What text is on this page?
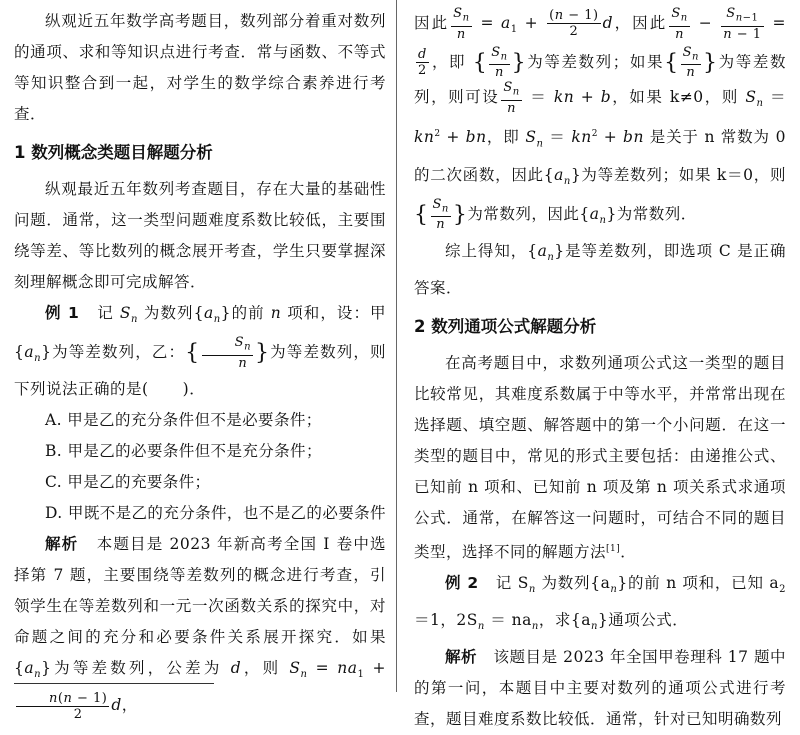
纵观近五年数学高考题目，数列部分着重对数列的通项、求和等知识点进行考查．常与函数、不等式等知识整合到一起，对学生的数学综合素养进行考查．

1 数列概念类题目解题分析

纵观最近五年数列考查题目，存在大量的基础性问题．通常，这一类型问题难度系数比较低，主要围绕等差、等比数列的概念展开考查，学生只要掌握深刻理解概念即可完成解答．

例 1 记 $S_n$ 为数列$\{a_n\}$的前 n 项和，设：甲$\{a_n\}$为等差数列，乙：{ $\frac{S_n}{n}$ }为等差数列，则下列说法正确的是( )．

A. 甲是乙的充分条件但不是必要条件；

B. 甲是乙的必要条件但不是充分条件；

C. 甲是乙的充要条件；

D. 甲既不是乙的充分条件，也不是乙的必要条件

解析 本题目是 2023 年新高考全国 Ⅰ 卷中选择第 7 题，主要围绕等差数列的概念进行考查，引领学生在等差数列和一元一次函数关系的探究中，对命题之间的充分和必要条件关系展开探究．如果$\{a_n\}$为等差数列，公差为 d，则 $S_n = na_1$ +
$\frac{n(n - 1)}{2}$ d，

因此 $\frac{S_n}{n} = a_1 + \frac{(n - 1)}{2}$ d，因此 $\frac{S_n}{n} - \frac{S_{n-1}}{n - 1}$ =
$\frac{d}{2}$ ，即 { $\frac{S_n}{n}$ }为等差数列；如果{ $\frac{S_n}{n}$ }为等差数列，则可设 $\frac{S_n}{n}$ ＝ kn + b，如果 k≠0，则 $S_n = kn^2$ + bn，即 $S_n = kn^2$ + bn 是关于 n 常数为 0 的二次函数，因此$\{a_n\}$为等差数列；如果 k＝0，则{ $\frac{S_n}{n}$ }为常数列，因此$\{a_n\}$为常数列．

综上得知，$\{a_n\}$是等差数列，即选项 C 是正确答案．

2 数列通项公式解题分析

在高考题目中，求数列通项公式这一类型的题目比较常见，其难度系数属于中等水平，并常常出现在选择题、填空题、解答题中的第一个小问题．在这一类型的题目中，常见的形式主要包括：由递推公式、已知前 n 项和、已知前 n 项及第 n 项关系式求通项公式．通常，在解答这一问题时，可结合不同的题目类型，选择不同的解题方法[1]．

例 2 记 $S_n$ 为数列$\{a_n\}$的前 n 项和，已知 $a_2 =1$，$2S_n = na_n$，求$\{a_n\}$通项公式．

解析 该题目是 2023 年全国甲卷理科 17 题中的第一问，本题目中主要对数列的通项公式进行考查，题目难度系数比较低．通常，针对已知明确数列
